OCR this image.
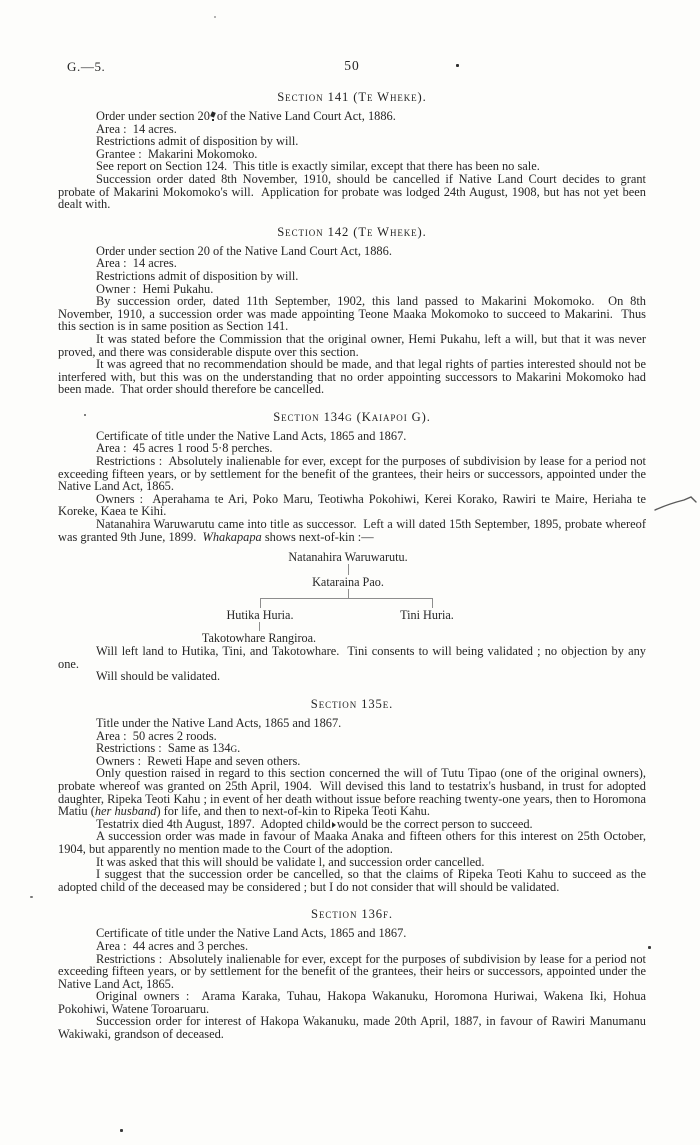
G.—5.	50
Section 141 (Te Wheke).

Order under section 20 of the Native Land Court Act, 1886.

Area :  14 acres.

Restrictions admit of disposition by will.

Grantee :  Makarini Mokomoko.

See report on Section 124.  This title is exactly similar, except that there has been no sale.

Succession order dated 8th November, 1910, should be cancelled if Native Land Court decides to grant probate of Makarini Mokomoko's will.  Application for probate was lodged 24th August, 1908, but has not yet been dealt with.

Section 142 (Te Wheke).

Order under section 20 of the Native Land Court Act, 1886.

Area :  14 acres.

Restrictions admit of disposition by will.

Owner :  Hemi Pukahu.

By succession order, dated 11th September, 1902, this land passed to Makarini Mokomoko.  On 8th November, 1910, a succession order was made appointing Teone Maaka Mokomoko to succeed to Makarini.  Thus this section is in same position as Section 141.

It was stated before the Commission that the original owner, Hemi Pukahu, left a will, but that it was never proved, and there was considerable dispute over this section.

It was agreed that no recommendation should be made, and that legal rights of parties interested should not be interfered with, but this was on the understanding that no order appointing successors to Makarini Mokomoko had been made.  That order should therefore be cancelled.

Section 134g (Kaiapoi G).

Certificate of title under the Native Land Acts, 1865 and 1867.

Area :  45 acres 1 rood 5·8 perches.

Restrictions :  Absolutely inalienable for ever, except for the purposes of subdivision by lease for a period not exceeding fifteen years, or by settlement for the benefit of the grantees, their heirs or successors, appointed under the Native Land Act, 1865.

Owners :  Aperahama te Ari, Poko Maru, Teotiwha Pokohiwi, Kerei Korako, Rawiri te Maire, Heriaha te Koreke, Kaea te Kihi.

Natanahira Waruwarutu came into title as successor.  Left a will dated 15th September, 1895, probate whereof was granted 9th June, 1899.  Whakapapa shows next-of-kin :—

Natanahira Waruwarutu.
Kataraina Pao.
Hutika Huria.	Tini Huria.
Takotowhare Rangiroa.

Will left land to Hutika, Tini, and Takotowhare.  Tini consents to will being validated ; no objection by any one.

Will should be validated.

Section 135e.

Title under the Native Land Acts, 1865 and 1867.

Area :  50 acres 2 roods.

Restrictions :  Same as 134g.

Owners :  Reweti Hape and seven others.

Only question raised in regard to this section concerned the will of Tutu Tipao (one of the original owners), probate whereof was granted on 25th April, 1904.  Will devised this land to testatrix's husband, in trust for adopted daughter, Ripeka Teoti Kahu ; in event of her death without issue before reaching twenty-one years, then to Horomona Matiu (her husband) for life, and then to next-of-kin to Ripeka Teoti Kahu.

Testatrix died 4th August, 1897.  Adopted child would be the correct person to succeed.

A succession order was made in favour of Maaka Anaka and fifteen others for this interest on 25th October, 1904, but apparently no mention made to the Court of the adoption.

It was asked that this will should be validate l, and succession order cancelled.

I suggest that the succession order be cancelled, so that the claims of Ripeka Teoti Kahu to succeed as the adopted child of the deceased may be considered ; but I do not consider that will should be validated.

Section 136f.

Certificate of title under the Native Land Acts, 1865 and 1867.

Area :  44 acres and 3 perches.

Restrictions :  Absolutely inalienable for ever, except for the purposes of subdivision by lease for a period not exceeding fifteen years, or by settlement for the benefit of the grantees, their heirs or successors, appointed under the Native Land Act, 1865.

Original owners :  Arama Karaka, Tuhau, Hakopa Wakanuku, Horomona Huriwai, Wakena Iki, Hohua Pokohiwi, Watene Toroaruaru.

Succession order for interest of Hakopa Wakanuku, made 20th April, 1887, in favour of Rawiri Manumanu Wakiwaki, grandson of deceased.
